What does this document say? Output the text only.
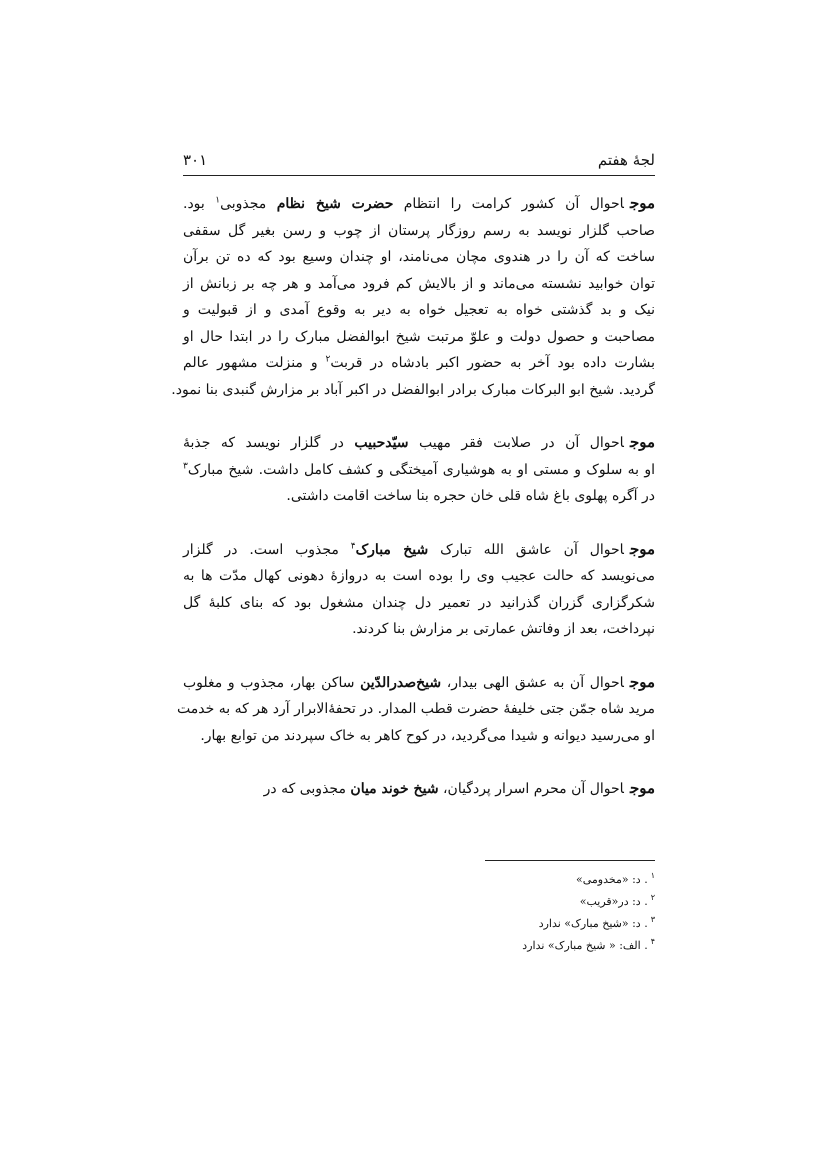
لجۀ هفتم
۳۰۱

موجاحوال آن کشور کرامت را انتظام حضرت شیخ نظام مجذوبی$^۱$ بود.
صاحب گلزار نویسد به رسم روزگار پرستان از چوب و رسن بغیر گل سقفی
ساخت که آن را در هندوی مچان می‌نامند، او چندان وسیع بود که ده تن برآن
توان خوابید نشسته می‌ماند و از بالایش کم فرود می‌آمد و هر چه بر زبانش از
نیک و بد گذشتی خواه به تعجیل خواه به دیر به وقوع آمدی و از قبولیت و
مصاحبت و حصول دولت و علوّ مرتبت شیخ ابوالفضل مبارک را در ابتدا حال او
بشارت داده بود آخر به حضور اکبر بادشاه در قربت$^۲$ و منزلت مشهور عالم
گردید. شیخ ابو البرکات مبارک برادر ابوالفضل در اکبر آباد بر مزارش گنبدی بنا نمود.

موجاحوال آن در صلابت فقر مهیب سیّدحبیب در گلزار نویسد که جذبۀ
او به سلوک و مستی او به هوشیاری آمیختگی و کشف کامل داشت. شیخ مبارک$^۳$
در آگره پهلوی باغ شاه قلی خان حجره بنا ساخت اقامت داشتی.

موجاحوال آن عاشق الله تبارک شیخ مبارک$^۴$ مجذوب است. در گلزار
می‌نویسد که حالت عجیب وی را بوده است به دروازۀ دهونی کهال مدّت ها به
شکرگزاری گزران گذرانید در تعمیر دل چندان مشغول بود که بنای کلبۀ گل
نپرداخت، بعد از وفاتش عمارتی بر مزارش بنا کردند.

موجاحوال آن به عشق الهی بیدار، شیخ‌صدرالدّین ساکن بهار، مجذوب و مغلوب
مرید شاه جمّن جتی خلیفۀ حضرت قطب المدار. در تحفۀالابرار آرد هر که به خدمت
او می‌رسید دیوانه و شیدا می‌گردید، در کوح کاهر به خاک سپردند من توابع بهار.

موجاحوال آن محرم اسرار پردگیان، شیخ خوند میان مجذوبی که در

$^۱$. د: «مخدومی»
$^۲$. د: در«قریب»
$^۳$. د: «شیخ مبارک» ندارد
$^۴$. الف: « شیخ مبارک» ندارد
